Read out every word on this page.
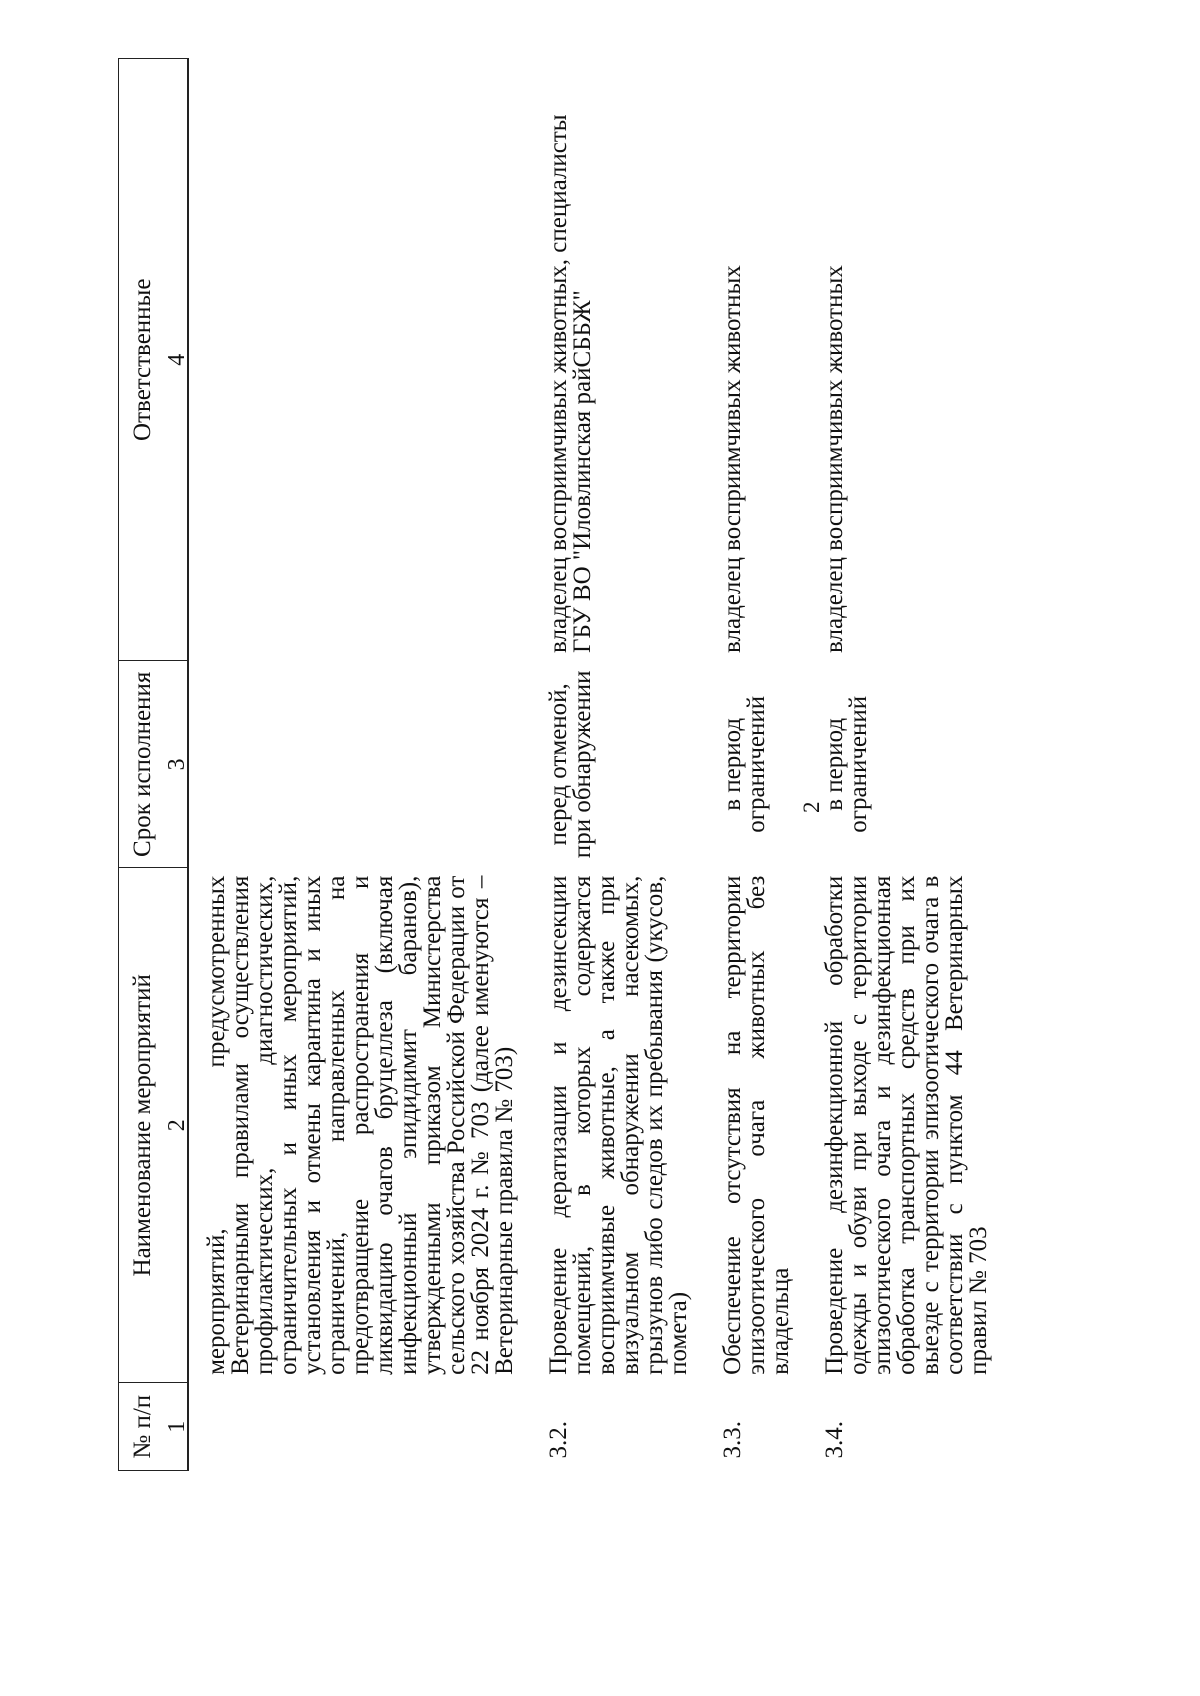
2
№ п/п	Наименование мероприятий	Срок исполнения	Ответственные
1	2	3	4

	мероприятий, предусмотренных Ветеринарными правилами осуществления профилактических, диагностических, ограничительных и иных мероприятий, установления и отмены карантина и иных ограничений, направленных на предотвращение распространения и ликвидацию очагов бруцеллеза (включая инфекционный эпидидимит баранов), утвержденными приказом Министерства сельского хозяйства Российской Федерации от 22 ноября 2024 г. № 703 (далее именуются – Ветеринарные правила № 703)		

3.2.	Проведение дератизации и дезинсекции помещений, в которых содержатся восприимчивые животные, а также при визуальном обнаружении насекомых, грызунов либо следов их пребывания (укусов, помета)	перед отменой, при обнаружении	владелец восприимчивых животных, специалисты ГБУ ВО "Иловлинская райСББЖ"

3.3.	Обеспечение отсутствия на территории эпизоотического очага животных без владельца	в период ограничений	владелец восприимчивых животных

3.4.	Проведение дезинфекционной обработки одежды и обуви при выходе с территории эпизоотического очага и дезинфекционная обработка транспортных средств при их выезде с территории эпизоотического очага в соответствии с пунктом 44 Ветеринарных правил № 703	в период ограничений	владелец восприимчивых животных
